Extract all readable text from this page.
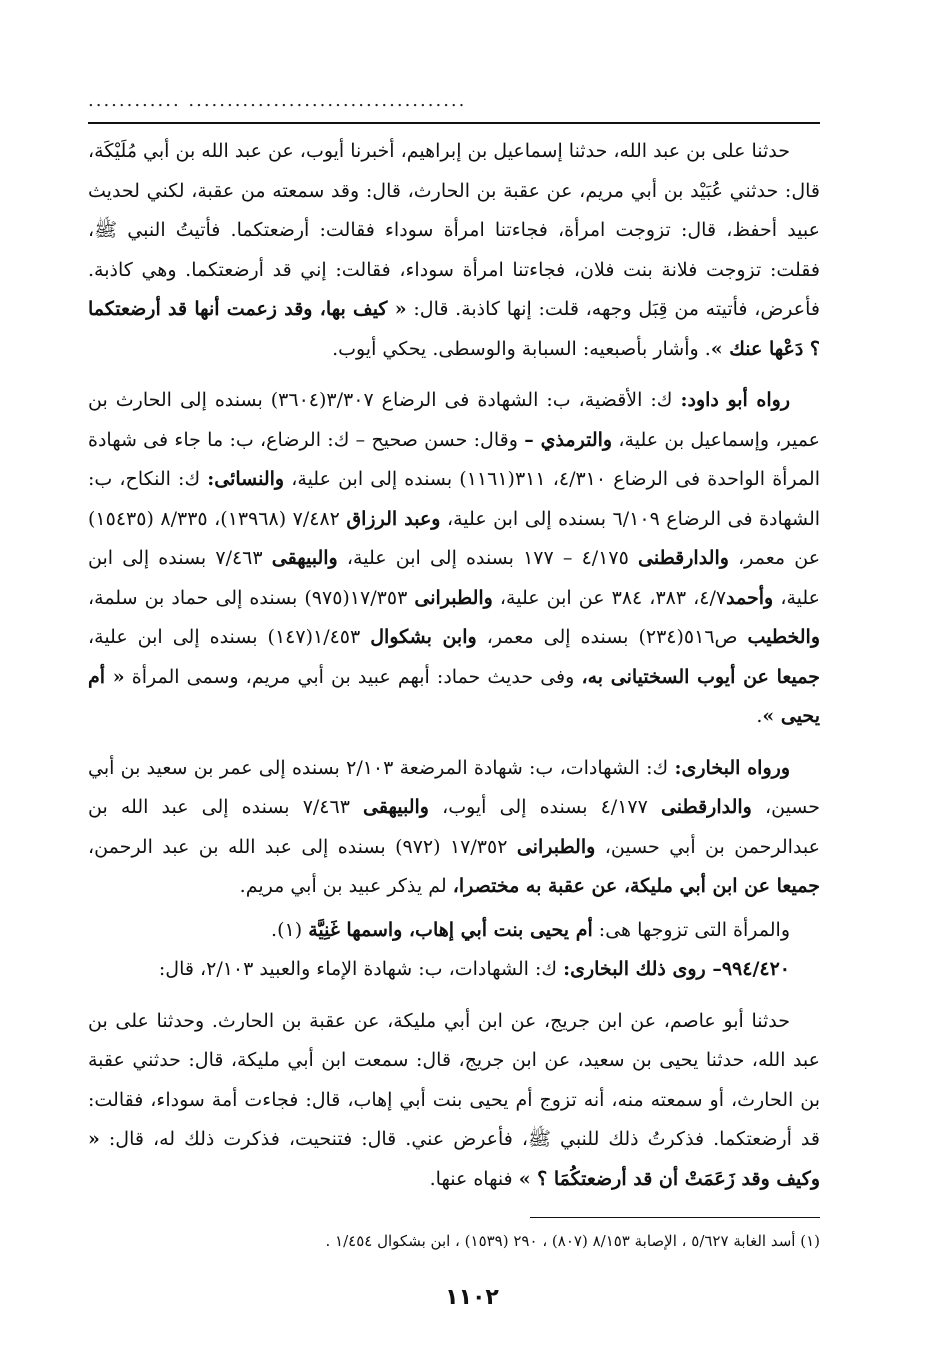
............ ....................................

حدثنا على بن عبد الله، حدثنا إسماعيل بن إبراهيم، أخبرنا أيوب، عن عبد الله بن أبي مُلَيْكَة، قال: حدثني عُبَيْد بن أبي مريم، عن عقبة بن الحارث، قال: وقد سمعته من عقبة، لكني لحديث عبيد أحفظ، قال: تزوجت امرأة، فجاءتنا امرأة سوداء فقالت: أرضعتكما. فأتيتُ النبي ﷺ، فقلت: تزوجت فلانة بنت فلان، فجاءتنا امرأة سوداء، فقالت: إني قد أرضعتكما. وهي كاذبة. فأعرض، فأتيته من قِبَل وجهه، قلت: إنها كاذبة. قال: « كيف بها، وقد زعمت أنها قد أرضعتكما ؟ دَعْها عنك ». وأشار بأصبعيه: السبابة والوسطى. يحكي أيوب.

رواه أبو داود: ك: الأقضية، ب: الشهادة فى الرضاع ٣/٣٠٧(٣٦٠٤) بسنده إلى الحارث بن عمير، وإسماعيل بن علية، والترمذي – وقال: حسن صحيح – ك: الرضاع، ب: ما جاء فى شهادة المرأة الواحدة فى الرضاع ٤/٣١٠، ٣١١(١١٦١) بسنده إلى ابن علية، والنسائى: ك: النكاح، ب: الشهادة فى الرضاع ٦/١٠٩ بسنده إلى ابن علية، وعبد الرزاق ٧/٤٨٢ (١٣٩٦٨)، ٨/٣٣٥ (١٥٤٣٥) عن معمر، والدارقطنى ٤/١٧٥ – ١٧٧ بسنده إلى ابن علية، والبيهقى ٧/٤٦٣ بسنده إلى ابن علية، وأحمد٤/٧، ٣٨٣، ٣٨٤ عن ابن علية، والطبرانى ١٧/٣٥٣(٩٧٥) بسنده إلى حماد بن سلمة، والخطيب ص٥١٦(٢٣٤) بسنده إلى معمر، وابن بشكوال ١/٤٥٣(١٤٧) بسنده إلى ابن علية، جميعا عن أيوب السختيانى به، وفى حديث حماد: أبهم عبيد بن أبي مريم، وسمى المرأة « أم يحيى ».

ورواه البخارى: ك: الشهادات، ب: شهادة المرضعة ٢/١٠٣ بسنده إلى عمر بن سعيد بن أبي حسين، والدارقطنى ٤/١٧٧ بسنده إلى أيوب، والبيهقى ٧/٤٦٣ بسنده إلى عبد الله بن عبدالرحمن بن أبي حسين، والطبرانى ١٧/٣٥٢ (٩٧٢) بسنده إلى عبد الله بن عبد الرحمن، جميعا عن ابن أبي مليكة، عن عقبة به مختصرا، لم يذكر عبيد بن أبي مريم.

والمرأة التى تزوجها هى: أم يحيى بنت أبي إهاب، واسمها غَنِيَّة (١).

٩٩٤/٤٢٠– روى ذلك البخارى: ك: الشهادات، ب: شهادة الإماء والعبيد ٢/١٠٣، قال:

حدثنا أبو عاصم، عن ابن جريج، عن ابن أبي مليكة، عن عقبة بن الحارث. وحدثنا على بن عبد الله، حدثنا يحيى بن سعيد، عن ابن جريج، قال: سمعت ابن أبي مليكة، قال: حدثني عقبة بن الحارث، أو سمعته منه، أنه تزوج أم يحيى بنت أبي إهاب، قال: فجاءت أمة سوداء، فقالت: قد أرضعتكما. فذكرتُ ذلك للنبي ﷺ، فأعرض عني. قال: فتنحيت، فذكرت ذلك له، قال: « وكيف وقد زَعَمَتْ أن قد أرضعتكُمَا ؟ » فنهاه عنها.

(١) أسد الغابة ٥/٦٢٧ ، الإصابة ٨/١٥٣ (٨٠٧) ، ٢٩٠ (١٥٣٩) ، ابن بشكوال ١/٤٥٤ .
١١٠٢
